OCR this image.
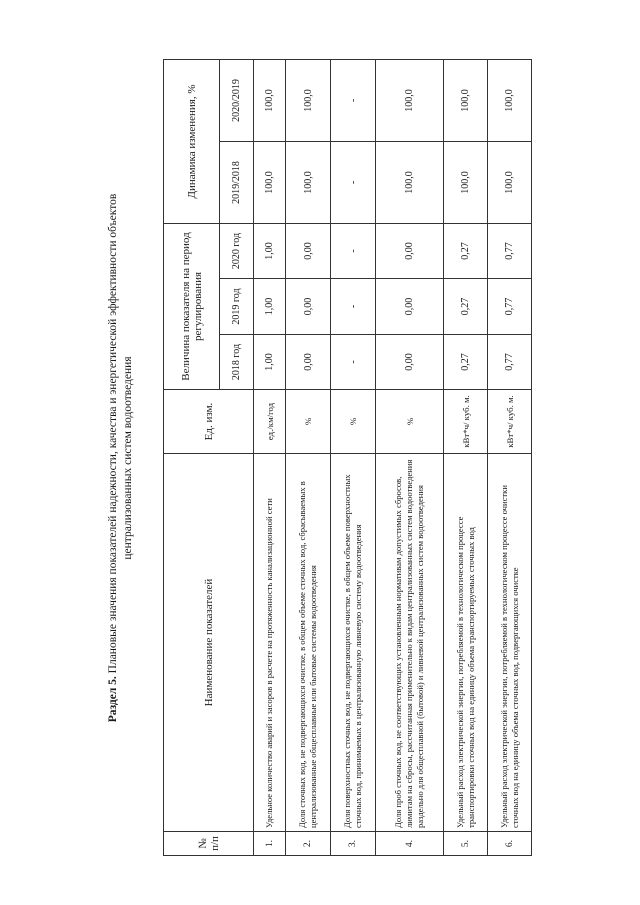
Раздел 5. Плановые значения показателей надежности, качества и энергетической эффективности объектов централизованных систем водоотведения
№ п/п	Наименование показателей	Ед. изм.	Величина показателя на период регулирования			Динамика изменения, %	
			2018 год	2019 год	2020 год	2019/2018	2020/2019
1.	Удельное количество аварий и засоров в расчете на протяженность канализационной сети	ед./км/год	1,00	1,00	1,00	100,0	100,0
2.	Доля сточных вод, не подвергающихся очистке, в общем объеме сточных вод, сбрасываемых в централизованные общесплавные или бытовые системы водоотведения	%	0,00	0,00	0,00	100,0	100,0
3.	Доля поверхностных сточных вод, не подвергающихся очистке, в общем объеме поверхностных сточных вод, принимаемых в централизованную ливневую систему водоотведения	%	-	-	-	-	-
4.	Доля проб сточных вод, не соответствующих установленным нормативам допустимых сбросов, лимитам на сбросы, рассчитанная применительно к видам централизованных систем водоотведения раздельно для общесплавной (бытовой) и ливневой централизованных систем водоотведения	%	0,00	0,00	0,00	100,0	100,0
5.	Удельный расход электрической энергии, потребляемой в технологическом процессе транспортировки сточных вод на единицу объема транспортируемых сточных вод	кВт*ч/ куб. м.	0,27	0,27	0,27	100,0	100,0
6.	Удельный расход электрической энергии, потребляемой в технологическом процессе очистки сточных вод на единицу объема сточных вод, подвергающихся очистке	кВт*ч/ куб. м.	0,77	0,77	0,77	100,0	100,0
